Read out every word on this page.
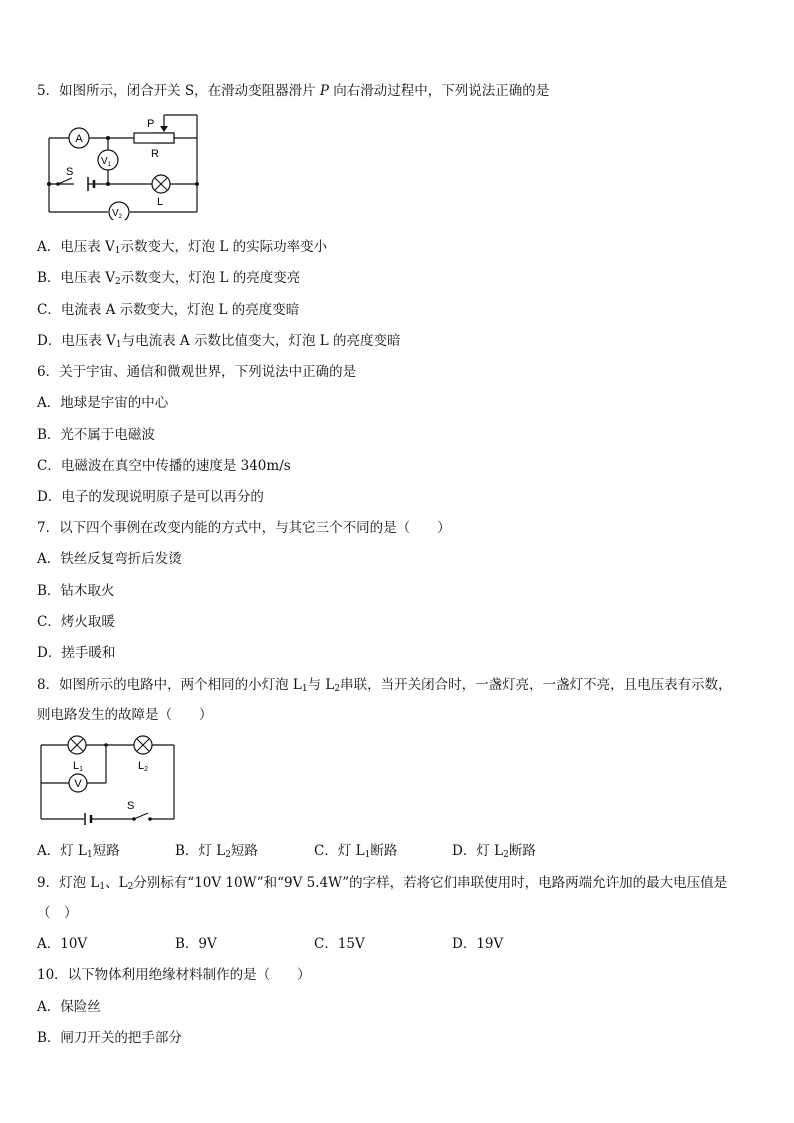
5．如图所示，闭合开关 S，在滑动变阻器滑片 P 向右滑动过程中，下列说法正确的是
A
$V_1$
$V_2$
P
R
S
L
A．电压表 $V_1$示数变大，灯泡 L 的实际功率变小
B．电压表 $V_2$示数变大，灯泡 L 的亮度变亮
C．电流表 A 示数变大，灯泡 L 的亮度变暗
D．电压表 $V_1$与电流表 A 示数比值变大，灯泡 L 的亮度变暗
6．关于宇宙、通信和微观世界，下列说法中正确的是
A．地球是宇宙的中心
B．光不属于电磁波
C．电磁波在真空中传播的速度是 340m/s
D．电子的发现说明原子是可以再分的
7．以下四个事例在改变内能的方式中，与其它三个不同的是（　　）
A．铁丝反复弯折后发烫
B．钻木取火
C．烤火取暖
D．搓手暖和
8．如图所示的电路中，两个相同的小灯泡 $L_1$与 $L_2$串联，当开关闭合时，一盏灯亮，一盏灯不亮，且电压表有示数，
则电路发生的故障是（　　）
V
L1	L2
S
A．灯 $L_1$短路	B．灯 $L_2$短路	C．灯 $L_1$断路	D．灯 $L_2$断路
9．灯泡 $L_1$、$L_2$分别标有“10V 10W”和“9V 5.4W”的字样，若将它们串联使用时，电路两端允许加的最大电压值是
（　）
A．10V	B．9V	C．15V	D．19V
10．以下物体利用绝缘材料制作的是（　　）
A．保险丝
B．闸刀开关的把手部分
